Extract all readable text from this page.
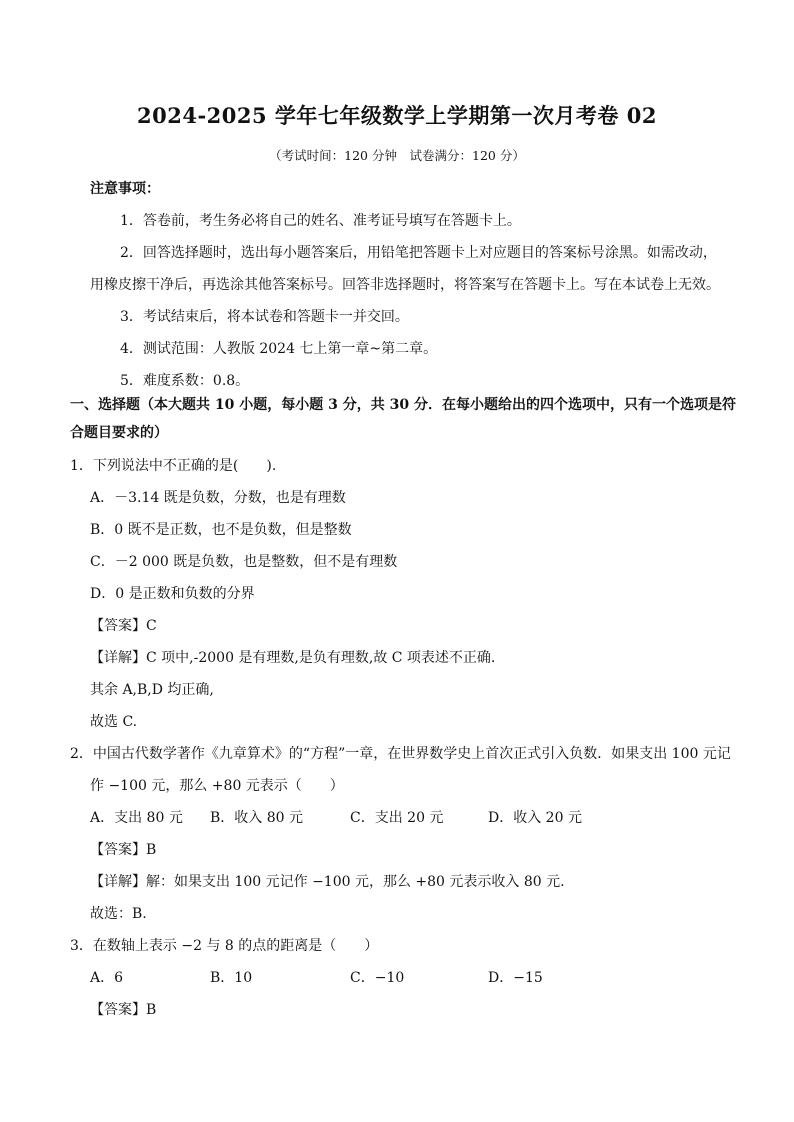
2024-2025 学年七年级数学上学期第一次月考卷 02
（考试时间：120 分钟　试卷满分：120 分）
注意事项：
1．答卷前，考生务必将自己的姓名、准考证号填写在答题卡上。
2．回答选择题时，选出每小题答案后，用铅笔把答题卡上对应题目的答案标号涂黑。如需改动，
用橡皮擦干净后，再选涂其他答案标号。回答非选择题时，将答案写在答题卡上。写在本试卷上无效。
3．考试结束后，将本试卷和答题卡一并交回。
4．测试范围：人教版 2024 七上第一章~第二章。
5．难度系数：0.8。
一、选择题（本大题共 10 小题，每小题 3 分，共 30 分．在每小题给出的四个选项中，只有一个选项是符
合题目要求的）
1．下列说法中不正确的是(　　).
A．－3.14 既是负数，分数，也是有理数
B．0 既不是正数，也不是负数，但是整数
C．－2 000 既是负数，也是整数，但不是有理数
D．0 是正数和负数的分界
【答案】C
【详解】C 项中,-2000 是有理数,是负有理数,故 C 项表述不正确.
其余 A,B,D 均正确,
故选 C.
2．中国古代数学著作《九章算术》的“方程”一章，在世界数学史上首次正式引入负数．如果支出 100 元记
作 −100 元，那么 +80 元表示（　　）
A．支出 80 元 B．收入 80 元	C．支出 20 元	D．收入 20 元
【答案】B
【详解】解：如果支出 100 元记作 −100 元，那么 +80 元表示收入 80 元.
故选：B.
3．在数轴上表示 −2 与 8 的点的距离是（　　）
A．6	B．10	C．−10	D．−15
【答案】B
